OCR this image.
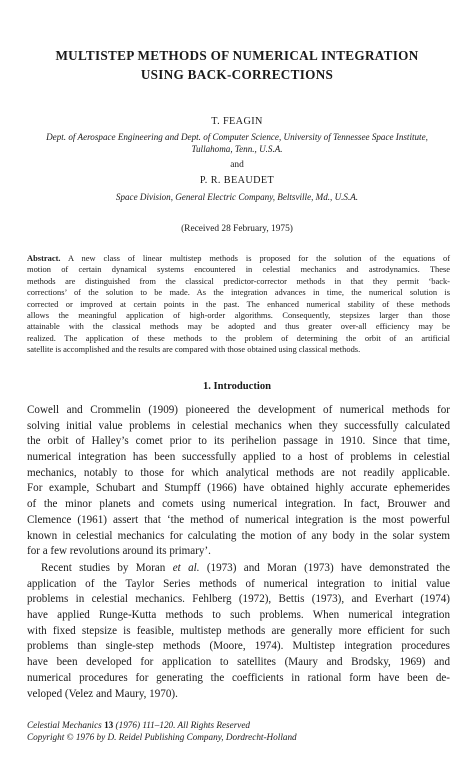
MULTISTEP METHODS OF NUMERICAL INTEGRATION
USING BACK-CORRECTIONS
T. FEAGIN
Dept. of Aerospace Engineering and Dept. of Computer Science, University of Tennessee Space Institute,
Tullahoma, Tenn., U.S.A.
and
P. R. BEAUDET
Space Division, General Electric Company, Beltsville, Md., U.S.A.
(Received 28 February, 1975)
Abstract. A new class of linear multistep methods is proposed for the solution of the equations of
motion of certain dynamical systems encountered in celestial mechanics and astrodynamics. These
methods are distinguished from the classical predictor-corrector methods in that they permit ‘back-
corrections’ of the solution to be made. As the integration advances in time, the numerical solution is
corrected or improved at certain points in the past. The enhanced numerical stability of these methods
allows the meaningful application of high-order algorithms. Consequently, stepsizes larger than those
attainable with the classical methods may be adopted and thus greater over-all efficiency may be
realized. The application of these methods to the problem of determining the orbit of an artificial
satellite is accomplished and the results are compared with those obtained using classical methods.
1. Introduction
Cowell and Crommelin (1909) pioneered the development of numerical methods for
solving initial value problems in celestial mechanics when they successfully calculated
the orbit of Halley’s comet prior to its perihelion passage in 1910. Since that time,
numerical integration has been successfully applied to a host of problems in celestial
mechanics, notably to those for which analytical methods are not readily applicable.
For example, Schubart and Stumpff (1966) have obtained highly accurate ephemerides
of the minor planets and comets using numerical integration. In fact, Brouwer and
Clemence (1961) assert that ‘the method of numerical integration is the most powerful
known in celestial mechanics for calculating the motion of any body in the solar system
for a few revolutions around its primary’.
Recent studies by Moran et al. (1973) and Moran (1973) have demonstrated the
application of the Taylor Series methods of numerical integration to initial value
problems in celestial mechanics. Fehlberg (1972), Bettis (1973), and Everhart (1974)
have applied Runge-Kutta methods to such problems. When numerical integration
with fixed stepsize is feasible, multistep methods are generally more efficient for such
problems than single-step methods (Moore, 1974). Multistep integration procedures
have been developed for application to satellites (Maury and Brodsky, 1969) and
numerical procedures for generating the coefficients in rational form have been de-
veloped (Velez and Maury, 1970).
Celestial Mechanics 13 (1976) 111–120. All Rights Reserved
Copyright © 1976 by D. Reidel Publishing Company, Dordrecht-Holland
